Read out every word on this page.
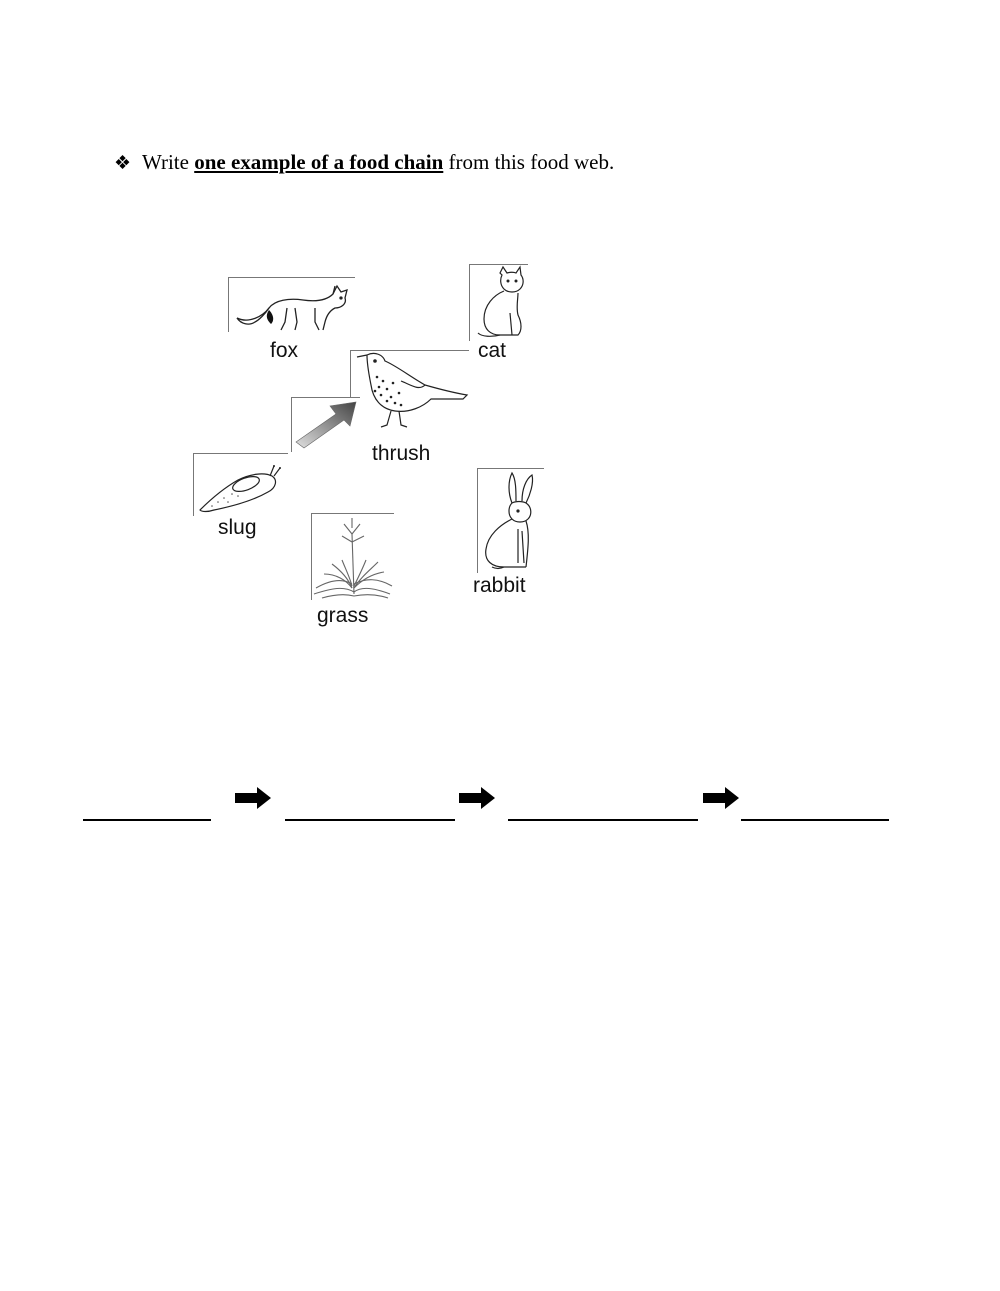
❖ Write one example of a food chain from this food web.
fox	cat
thrush
slug
grass
rabbit
